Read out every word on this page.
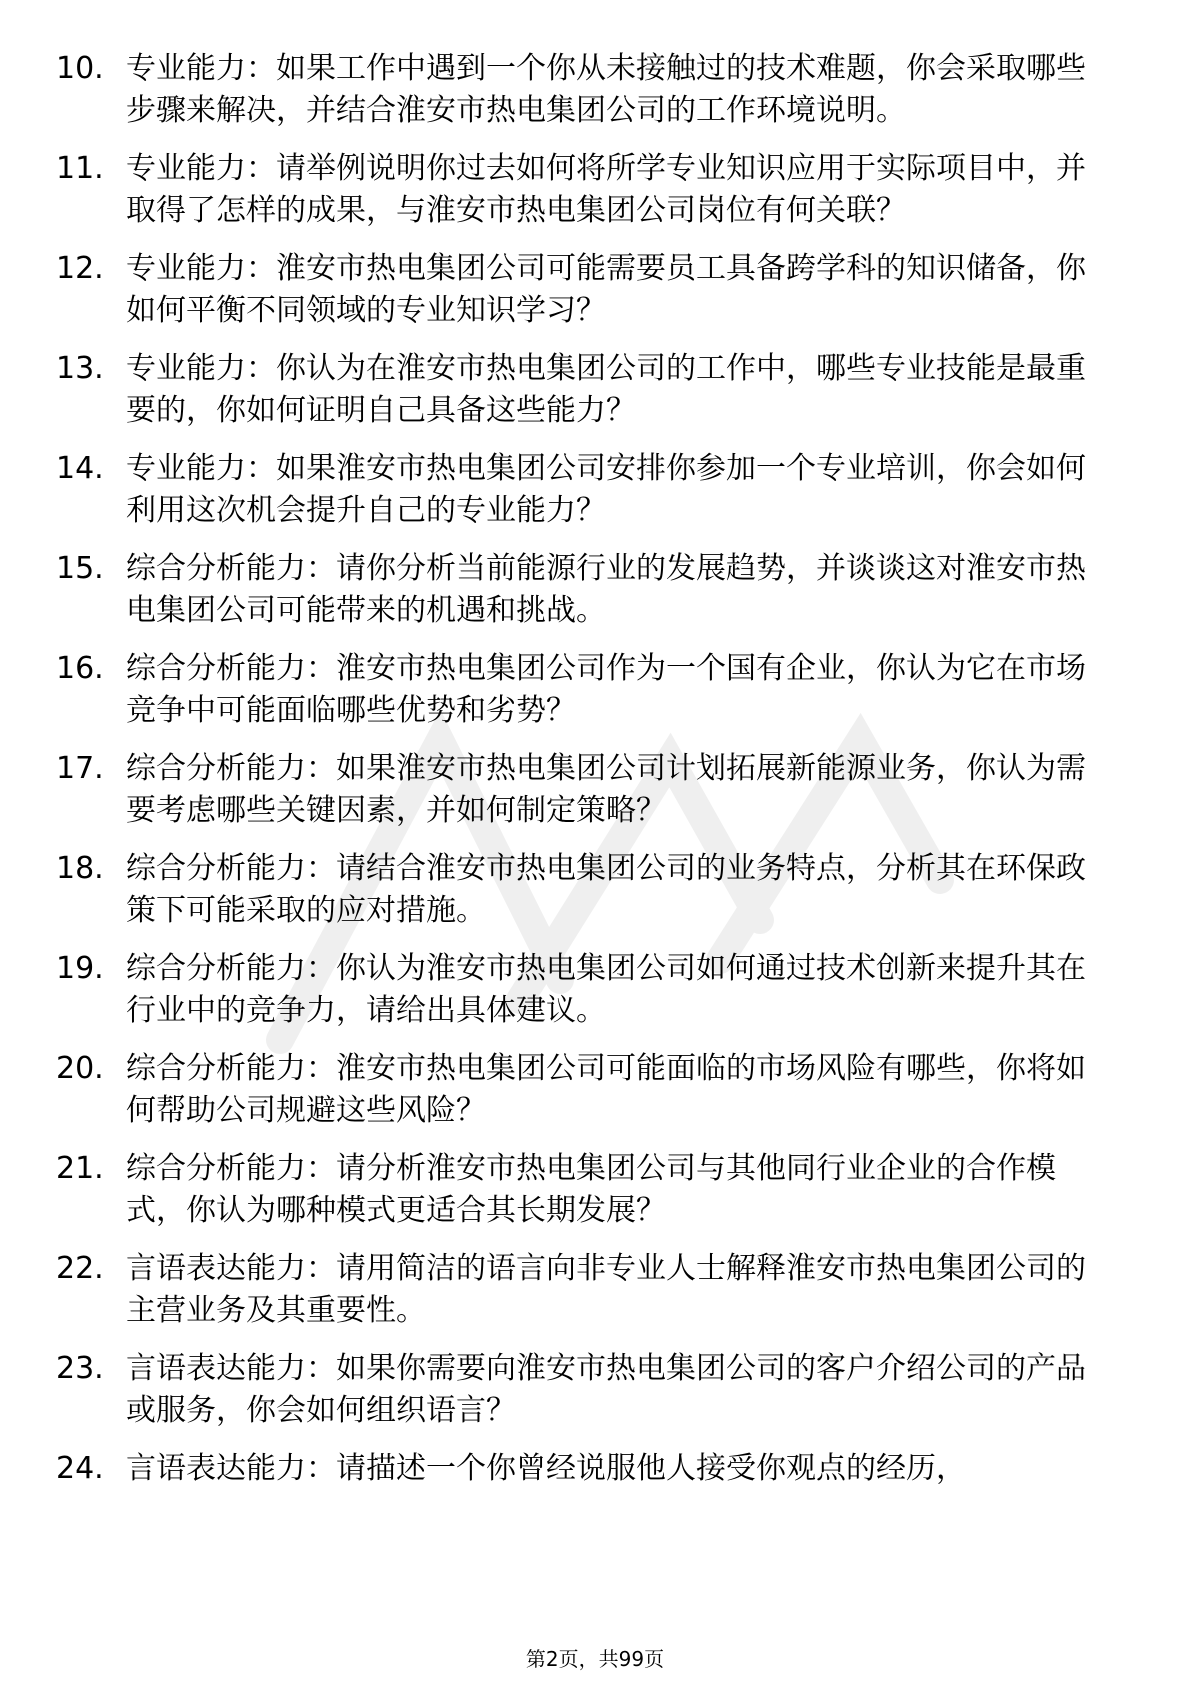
10. 专业能力：如果工作中遇到一个你从未接触过的技术难题，你会采取哪些步骤来解决，并结合淮安市热电集团公司的工作环境说明。
11. 专业能力：请举例说明你过去如何将所学专业知识应用于实际项目中，并取得了怎样的成果，与淮安市热电集团公司岗位有何关联？
12. 专业能力：淮安市热电集团公司可能需要员工具备跨学科的知识储备，你如何平衡不同领域的专业知识学习？
13. 专业能力：你认为在淮安市热电集团公司的工作中，哪些专业技能是最重要的，你如何证明自己具备这些能力？
14. 专业能力：如果淮安市热电集团公司安排你参加一个专业培训，你会如何利用这次机会提升自己的专业能力？
15. 综合分析能力：请你分析当前能源行业的发展趋势，并谈谈这对淮安市热电集团公司可能带来的机遇和挑战。
16. 综合分析能力：淮安市热电集团公司作为一个国有企业，你认为它在市场竞争中可能面临哪些优势和劣势？
17. 综合分析能力：如果淮安市热电集团公司计划拓展新能源业务，你认为需要考虑哪些关键因素，并如何制定策略？
18. 综合分析能力：请结合淮安市热电集团公司的业务特点，分析其在环保政策下可能采取的应对措施。
19. 综合分析能力：你认为淮安市热电集团公司如何通过技术创新来提升其在行业中的竞争力，请给出具体建议。
20. 综合分析能力：淮安市热电集团公司可能面临的市场风险有哪些，你将如何帮助公司规避这些风险？
21. 综合分析能力：请分析淮安市热电集团公司与其他同行业企业的合作模式，你认为哪种模式更适合其长期发展？
22. 言语表达能力：请用简洁的语言向非专业人士解释淮安市热电集团公司的主营业务及其重要性。
23. 言语表达能力：如果你需要向淮安市热电集团公司的客户介绍公司的产品或服务，你会如何组织语言？
24. 言语表达能力：请描述一个你曾经说服他人接受你观点的经历，
第2页，共99页
